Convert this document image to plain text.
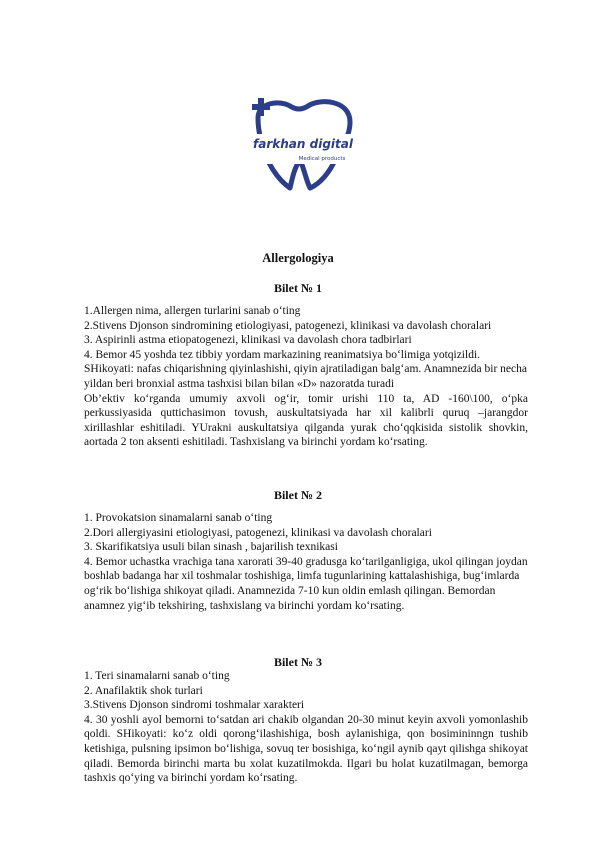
farkhan digital
Medical products
Allergologiya
Bilet № 1

1.Allergen nima, allergen turlarini sanab o‘ting

2.Stivens Djonson sindromining etiologiyasi, patogenezi, klinikasi va davolash choralari

3. Aspirinli astma etiopatogenezi, klinikasi va davolash chora tadbirlari

4. Bemor 45 yoshda tez tibbiy yordam markazining reanimatsiya bo‘limiga yotqizildi.

SHikoyati: nafas chiqarishning qiyinlashishi, qiyin ajratiladigan balg‘am. Anamnezida bir necha

yildan beri bronxial astma tashxisi bilan bilan «D» nazoratda turadi

Ob’ektiv ko‘rganda umumiy axvoli og‘ir, tomir urishi 110 ta, AD -160\100, o‘pka perkussiyasida quttichasimon tovush, auskultatsiyada har xil kalibrli quruq –jarangdor xirillashlar eshitiladi. YUrakni auskultatsiya qilganda yurak cho‘qqkisida sistolik shovkin, aortada 2 ton aksenti eshitiladi. Tashxislang va birinchi yordam ko‘rsating.

Bilet № 2

1. Provokatsion sinamalarni sanab o‘ting

2.Dori allergiyasini etiologiyasi, patogenezi, klinikasi va davolash choralari

3. Skarifikatsiya usuli bilan sinash , bajarilish texnikasi

4. Bemor uchastka vrachiga tana xarorati 39-40 gradusga ko‘tarilganligiga, ukol qilingan joydan

boshlab badanga har xil toshmalar toshishiga, limfa tugunlarining kattalashishiga, bug‘imlarda

og‘rik bo‘lishiga shikoyat qiladi. Anamnezida 7-10 kun oldin emlash qilingan. Bemordan

anamnez yig‘ib tekshiring, tashxislang va birinchi yordam ko‘rsating.

Bilet № 3

1. Teri sinamalarni sanab o‘ting

2. Anafilaktik shok turlari

3.Stivens Djonson sindromi toshmalar xarakteri

4. 30 yoshli ayol bemorni to‘satdan ari chakib olgandan 20-30 minut keyin axvoli yomonlashib qoldi. SHikoyati: ko‘z oldi qorong‘ilashishiga, bosh aylanishiga, qon bosimininngn tushib ketishiga, pulsning ipsimon bo‘lishiga, sovuq ter bosishiga, ko‘ngil aynib qayt qilishga shikoyat qiladi. Bemorda birinchi marta bu xolat kuzatilmokda. Ilgari bu holat kuzatilmagan, bemorga tashxis qo‘ying va birinchi yordam ko‘rsating.
